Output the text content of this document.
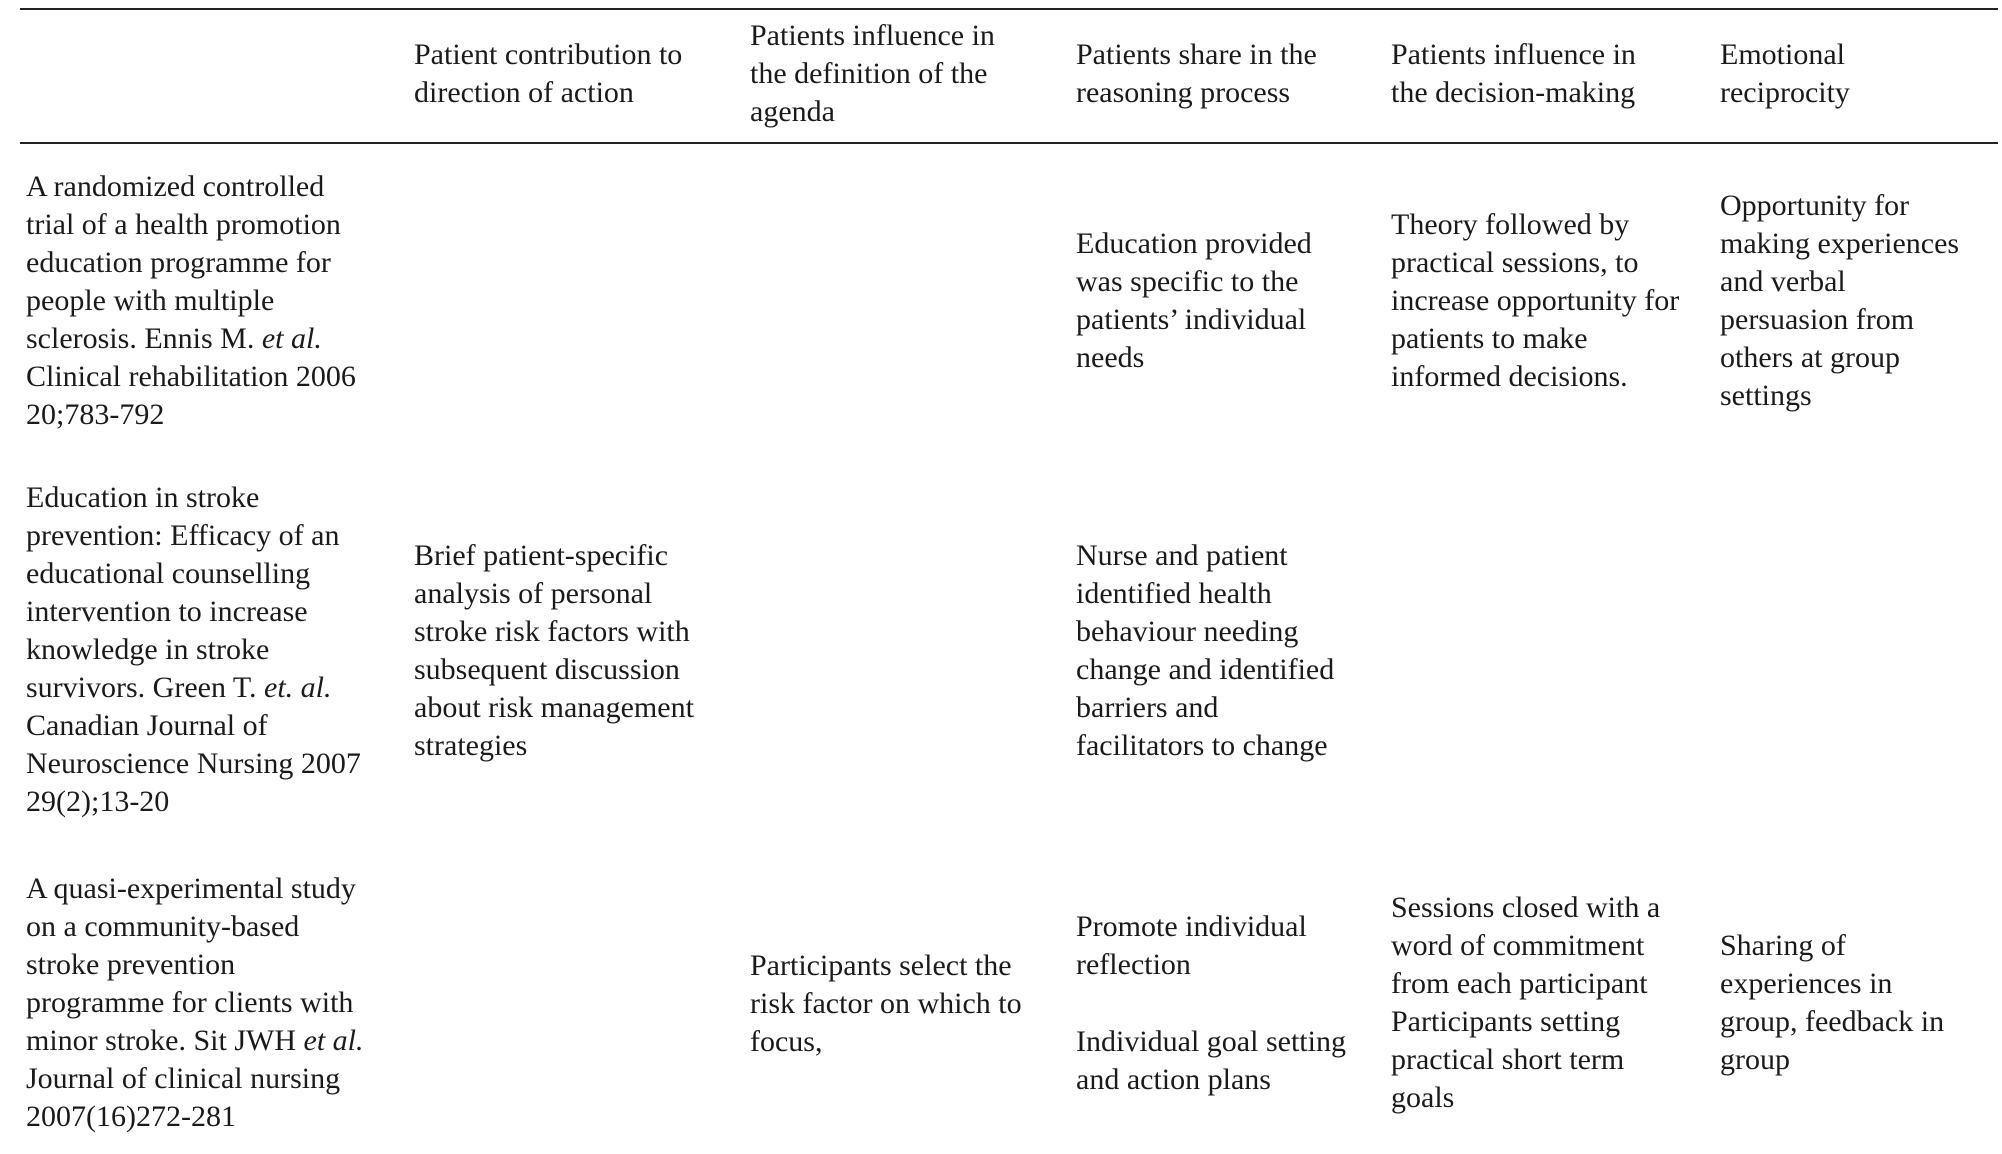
Patient contribution to
direction of action
Patients influence in
the definition of the
agenda
Patients share in the
reasoning process
Patients influence in
the decision-making
Emotional
reciprocity
A randomized controlled
trial of a health promotion
education programme for
people with multiple
sclerosis. Ennis M. et al.
Clinical rehabilitation 2006
20;783-792
Education provided
was specific to the
patients’ individual
needs
Theory followed by
practical sessions, to
increase opportunity for
patients to make
informed decisions.
Opportunity for
making experiences
and verbal
persuasion from
others at group
settings
Education in stroke
prevention: Efficacy of an
educational counselling
intervention to increase
knowledge in stroke
survivors. Green T. et. al.
Canadian Journal of
Neuroscience Nursing 2007
29(2);13-20
Brief patient-specific
analysis of personal
stroke risk factors with
subsequent discussion
about risk management
strategies
Nurse and patient
identified health
behaviour needing
change and identified
barriers and
facilitators to change
A quasi-experimental study
on a community-based
stroke prevention
programme for clients with
minor stroke. Sit JWH et al.
Journal of clinical nursing
2007(16)272-281
Participants select the
risk factor on which to
focus,
Promote individual
reflection
Individual goal setting
and action plans
Sessions closed with a
word of commitment
from each participant
Participants setting
practical short term
goals
Sharing of
experiences in
group, feedback in
group
